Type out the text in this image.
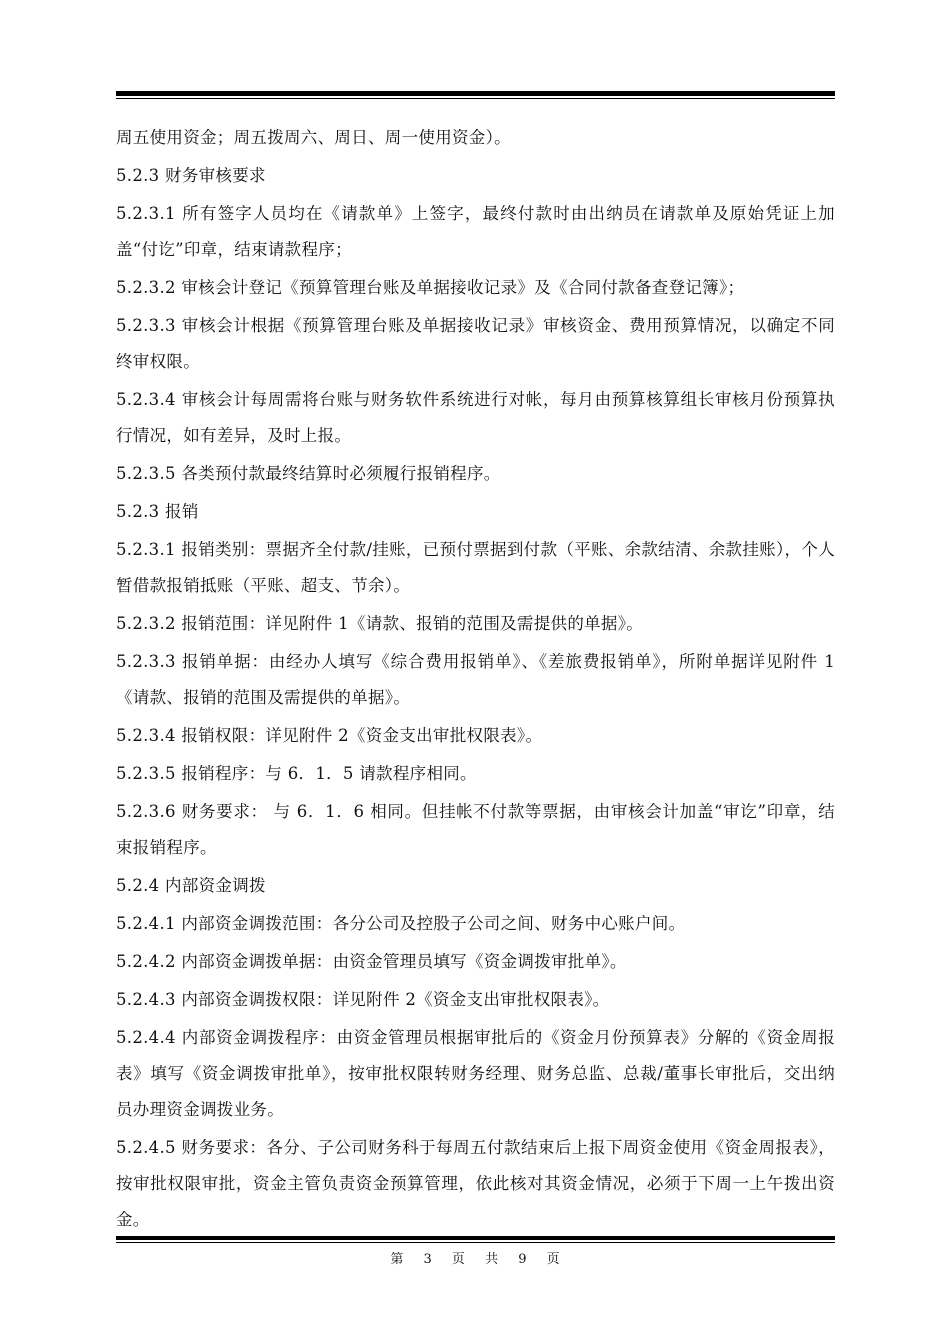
周五使用资金；周五拨周六、周日、周一使用资金）。

5.2.3 财务审核要求

5.2.3.1 所有签字人员均在《请款单》上签字，最终付款时由出纳员在请款单及原始凭证上加盖“付讫”印章，结束请款程序；

5.2.3.2 审核会计登记《预算管理台账及单据接收记录》及《合同付款备查登记簿》；

5.2.3.3 审核会计根据《预算管理台账及单据接收记录》审核资金、费用预算情况，以确定不同终审权限。

5.2.3.4 审核会计每周需将台账与财务软件系统进行对帐，每月由预算核算组长审核月份预算执行情况，如有差异，及时上报。

5.2.3.5 各类预付款最终结算时必须履行报销程序。

5.2.3 报销

5.2.3.1 报销类别：票据齐全付款/挂账，已预付票据到付款（平账、余款结清、余款挂账），个人暂借款报销抵账（平账、超支、节余）。

5.2.3.2 报销范围：详见附件 1《请款、报销的范围及需提供的单据》。

5.2.3.3 报销单据：由经办人填写《综合费用报销单》、《差旅费报销单》，所附单据详见附件 1《请款、报销的范围及需提供的单据》。

5.2.3.4 报销权限：详见附件 2《资金支出审批权限表》。

5.2.3.5 报销程序：与 6．1．5 请款程序相同。

5.2.3.6 财务要求： 与 6．1．6 相同。但挂帐不付款等票据，由审核会计加盖“审讫”印章，结束报销程序。

5.2.4 内部资金调拨

5.2.4.1 内部资金调拨范围：各分公司及控股子公司之间、财务中心账户间。

5.2.4.2 内部资金调拨单据：由资金管理员填写《资金调拨审批单》。

5.2.4.3 内部资金调拨权限：详见附件 2《资金支出审批权限表》。

5.2.4.4 内部资金调拨程序：由资金管理员根据审批后的《资金月份预算表》分解的《资金周报表》填写《资金调拨审批单》，按审批权限转财务经理、财务总监、总裁/董事长审批后，交出纳员办理资金调拨业务。

5.2.4.5 财务要求：各分、子公司财务科于每周五付款结束后上报下周资金使用《资金周报表》，按审批权限审批，资金主管负责资金预算管理，依此核对其资金情况，必须于下周一上午拨出资金。

第 3 页 共 9 页
